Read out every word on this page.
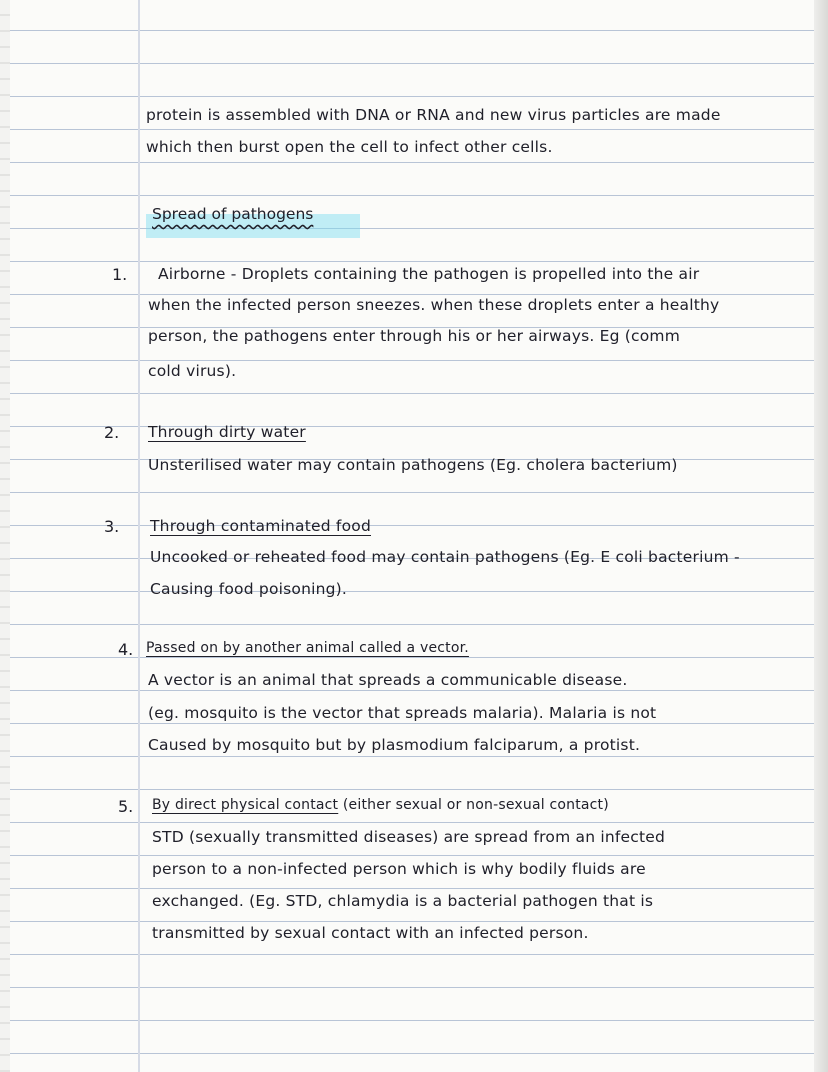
protein is assembled with DNA or RNA and new virus particles are made
which then burst open the cell to infect other cells.
Spread of pathogens
1. Airborne - Droplets containing the pathogen is propelled into the air
when the infected person sneezes. when these droplets enter a healthy
person, the pathogens enter through his or her airways. Eg (comm
cold virus).
2. Through dirty water
Unsterilised water may contain pathogens (Eg. cholera bacterium)
3. Through contaminated food
Uncooked or reheated food may contain pathogens (Eg. E coli bacterium -
Causing food poisoning).
4. Passed on by another animal called a vector.
A vector is an animal that spreads a communicable disease.
(eg. mosquito is the vector that spreads malaria). Malaria is not
Caused by mosquito but by plasmodium falciparum, a protist.
5. By direct physical contact (either sexual or non-sexual contact)
STD (sexually transmitted diseases) are spread from an infected
person to a non-infected person which is why bodily fluids are
exchanged. (Eg. STD, chlamydia is a bacterial pathogen that is
transmitted by sexual contact with an infected person.
